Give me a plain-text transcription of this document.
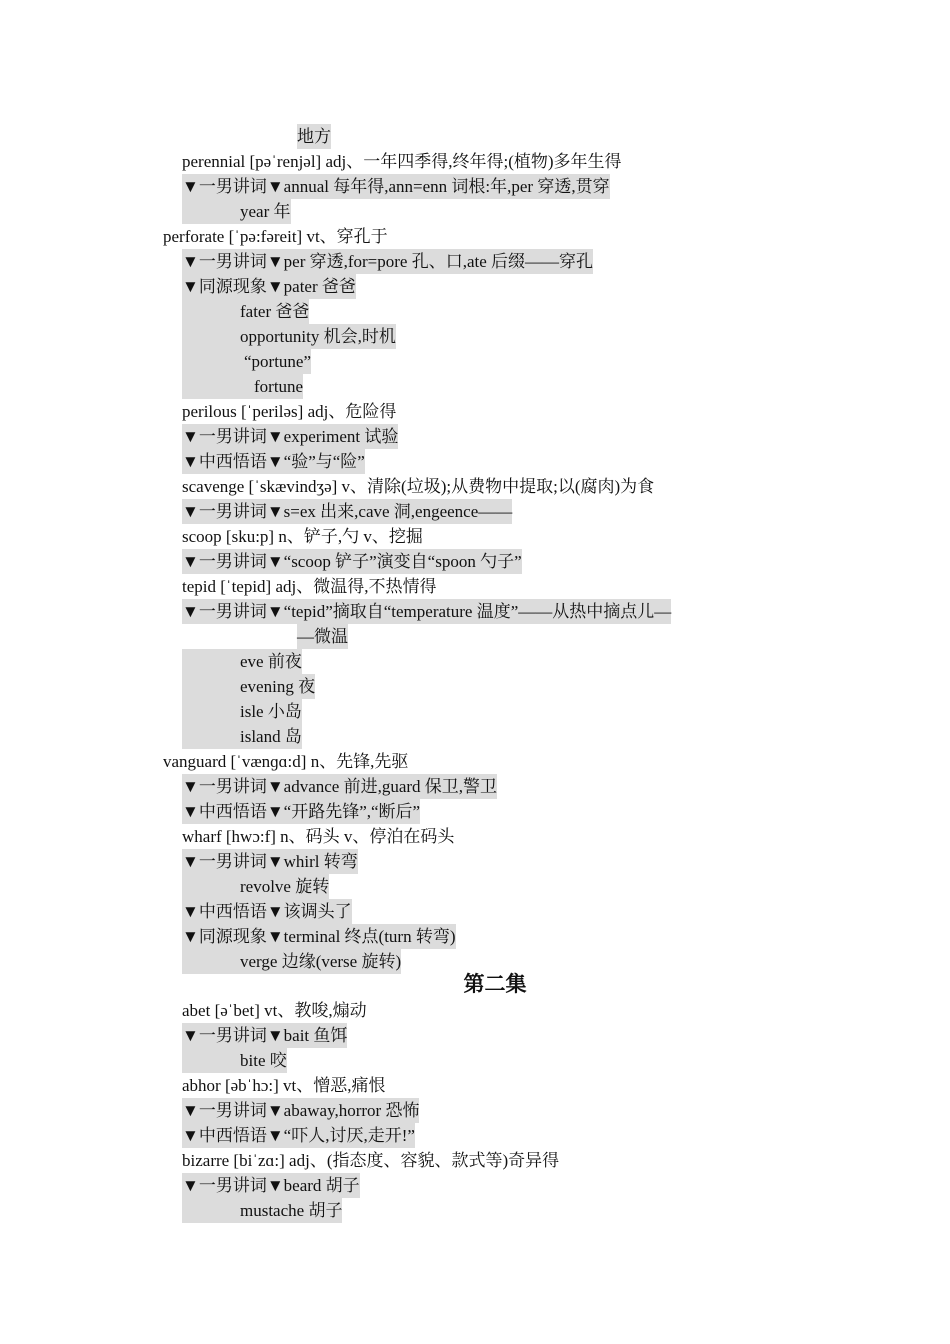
地方
perennial [pəˈrenjəl] adj、一年四季得,终年得;(植物)多年生得
▼一男讲词▼annual 每年得,ann=enn 词根:年,per 穿透,贯穿
year 年
perforate [ˈpə:fəreit] vt、穿孔于
▼一男讲词▼per 穿透,for=pore 孔、口,ate 后缀——穿孔
▼同源现象▼pater 爸爸
fater 爸爸
opportunity 机会,时机
“portune”
fortune
perilous [ˈperiləs] adj、危险得
▼一男讲词▼experiment 试验
▼中西悟语▼“验”与“险”
scavenge [ˈskævindʒə] v、清除(垃圾);从费物中提取;以(腐肉)为食
▼一男讲词▼s=ex 出来,cave 洞,engeence——
scoop [sku:p] n、铲子,勺 v、挖掘
▼一男讲词▼“scoop 铲子”演变自“spoon 勺子”
tepid [ˈtepid] adj、微温得,不热情得
▼一男讲词▼“tepid”摘取自“temperature 温度”——从热中摘点儿—
—微温
eve 前夜
evening 夜
isle 小岛
island 岛
vanguard [ˈvænɡɑ:d] n、先锋,先驱
▼一男讲词▼advance 前进,guard 保卫,警卫
▼中西悟语▼“开路先锋”,“断后”
wharf [hwɔ:f] n、码头 v、停泊在码头
▼一男讲词▼whirl 转弯
revolve 旋转
▼中西悟语▼该调头了
▼同源现象▼terminal 终点(turn 转弯)
verge 边缘(verse 旋转)
第二集
abet [əˈbet] vt、教唆,煽动
▼一男讲词▼bait 鱼饵
bite 咬
abhor [əbˈhɔ:] vt、憎恶,痛恨
▼一男讲词▼abaway,horror 恐怖
▼中西悟语▼“吓人,讨厌,走开!”
bizarre [biˈzɑ:] adj、(指态度、容貌、款式等)奇异得
▼一男讲词▼beard 胡子
mustache 胡子
